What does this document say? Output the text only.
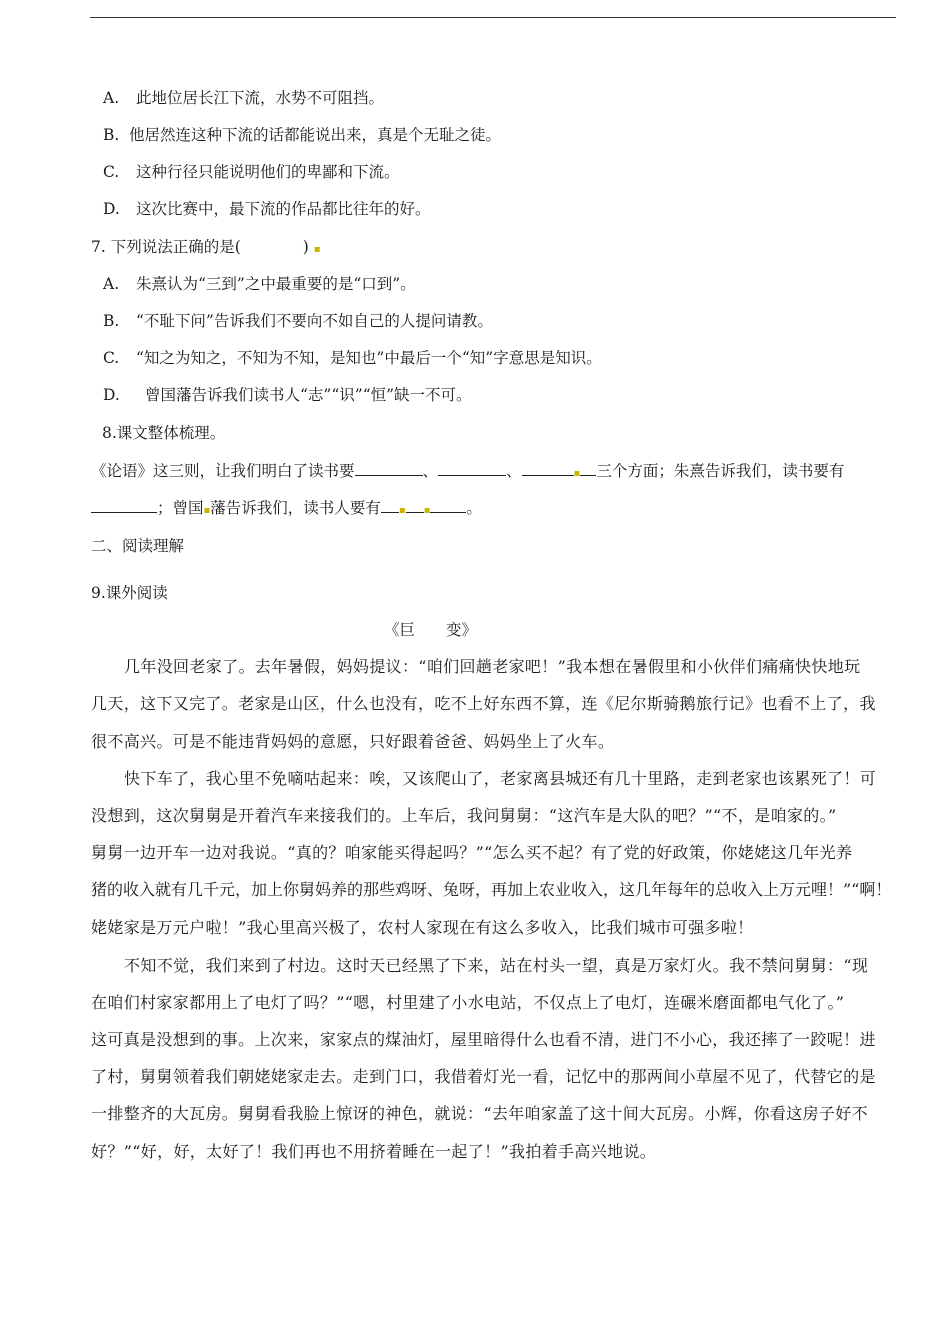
A. 此地位居长江下流，水势不可阻挡。
B. 他居然连这种下流的话都能说出来，真是个无耻之徒。
C. 这种行径只能说明他们的卑鄙和下流。
D. 这次比赛中，最下流的作品都比往年的好。
7. 下列说法正确的是(　　　　) ▪
A. 朱熹认为“三到”之中最重要的是“口到”。
B. “不耻下问”告诉我们不要向不如自己的人提问请教。
C. “知之为知之，不知为不知，是知也”中最后一个“知”字意思是知识。
D. 曾国藩告诉我们读书人“志”“识”“恒”缺一不可。
8.课文整体梳理。
《论语》这三则，让我们明白了读书要	、	、	▪ 三个方面；朱熹告诉我们，读书要有
；曾国▪藩告诉我们，读书人要有 ▪ ▪ 。
二、阅读理解
9.课外阅读
《巨　　变》
几年没回老家了。去年暑假，妈妈提议：“咱们回趟老家吧！”我本想在暑假里和小伙伴们痛痛快快地玩
几天，这下又完了。老家是山区，什么也没有，吃不上好东西不算，连《尼尔斯骑鹅旅行记》也看不上了，我
很不高兴。可是不能违背妈妈的意愿，只好跟着爸爸、妈妈坐上了火车。
快下车了，我心里不免嘀咕起来：唉，又该爬山了，老家离县城还有几十里路，走到老家也该累死了！可
没想到，这次舅舅是开着汽车来接我们的。上车后，我问舅舅：“这汽车是大队的吧？”“不，是咱家的。”
舅舅一边开车一边对我说。“真的？咱家能买得起吗？”“怎么买不起？有了党的好政策，你姥姥这几年光养
猪的收入就有几千元，加上你舅妈养的那些鸡呀、兔呀，再加上农业收入，这几年每年的总收入上万元哩！”“啊！
姥姥家是万元户啦！”我心里高兴极了，农村人家现在有这么多收入，比我们城市可强多啦！
不知不觉，我们来到了村边。这时天已经黑了下来，站在村头一望，真是万家灯火。我不禁问舅舅：“现
在咱们村家家都用上了电灯了吗？”“嗯，村里建了小水电站，不仅点上了电灯，连碾米磨面都电气化了。”
这可真是没想到的事。上次来，家家点的煤油灯，屋里暗得什么也看不清，进门不小心，我还摔了一跤呢！进
了村，舅舅领着我们朝姥姥家走去。走到门口，我借着灯光一看，记忆中的那两间小草屋不见了，代替它的是
一排整齐的大瓦房。舅舅看我脸上惊讶的神色，就说：“去年咱家盖了这十间大瓦房。小辉，你看这房子好不
好？”“好，好，太好了！我们再也不用挤着睡在一起了！”我拍着手高兴地说。
